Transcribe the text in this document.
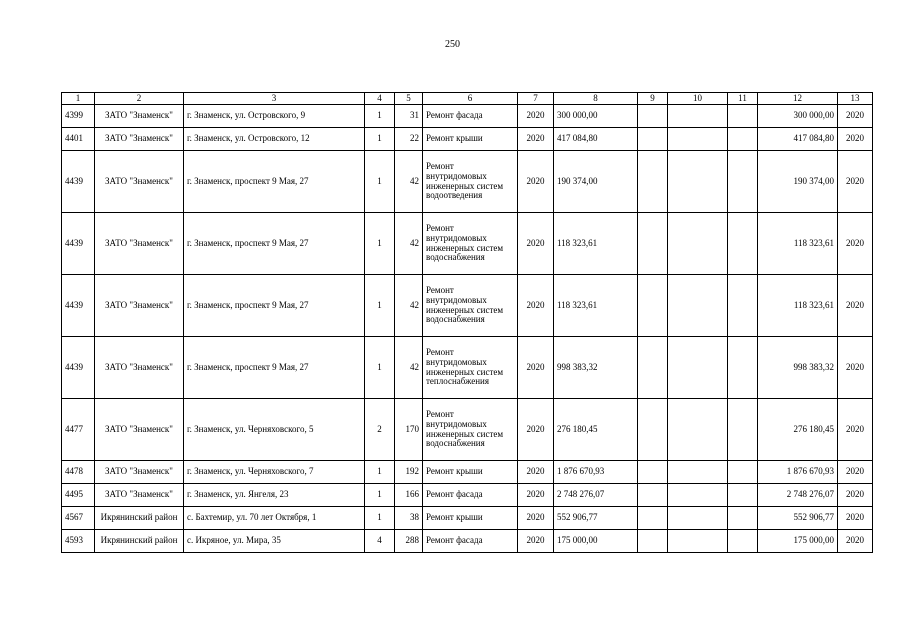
250
1	2	3	4	5	6	7	8	9	10	11	12	13
4399	ЗАТО "Знаменск"	г. Знаменск, ул. Островского, 9	1	31	Ремонт фасада	2020	300 000,00				300 000,00	2020
4401	ЗАТО "Знаменск"	г. Знаменск, ул. Островского, 12	1	22	Ремонт крыши	2020	417 084,80				417 084,80	2020
4439	ЗАТО "Знаменск"	г. Знаменск, проспект 9 Мая, 27	1	42	Ремонт внутридомовых инженерных систем водоотведения	2020	190 374,00				190 374,00	2020
4439	ЗАТО "Знаменск"	г. Знаменск, проспект 9 Мая, 27	1	42	Ремонт внутридомовых инженерных систем водоснабжения	2020	118 323,61				118 323,61	2020
4439	ЗАТО "Знаменск"	г. Знаменск, проспект 9 Мая, 27	1	42	Ремонт внутридомовых инженерных систем водоснабжения	2020	118 323,61				118 323,61	2020
4439	ЗАТО "Знаменск"	г. Знаменск, проспект 9 Мая, 27	1	42	Ремонт внутридомовых инженерных систем теплоснабжения	2020	998 383,32				998 383,32	2020
4477	ЗАТО "Знаменск"	г. Знаменск, ул. Черняховского, 5	2	170	Ремонт внутридомовых инженерных систем водоснабжения	2020	276 180,45				276 180,45	2020
4478	ЗАТО "Знаменск"	г. Знаменск, ул. Черняховского, 7	1	192	Ремонт крыши	2020	1 876 670,93				1 876 670,93	2020
4495	ЗАТО "Знаменск"	г. Знаменск, ул. Янгеля, 23	1	166	Ремонт фасада	2020	2 748 276,07				2 748 276,07	2020
4567	Икрянинский район	с. Бахтемир, ул. 70 лет Октября, 1	1	38	Ремонт крыши	2020	552 906,77				552 906,77	2020
4593	Икрянинский район	с. Икряное, ул. Мира, 35	4	288	Ремонт фасада	2020	175 000,00				175 000,00	2020
